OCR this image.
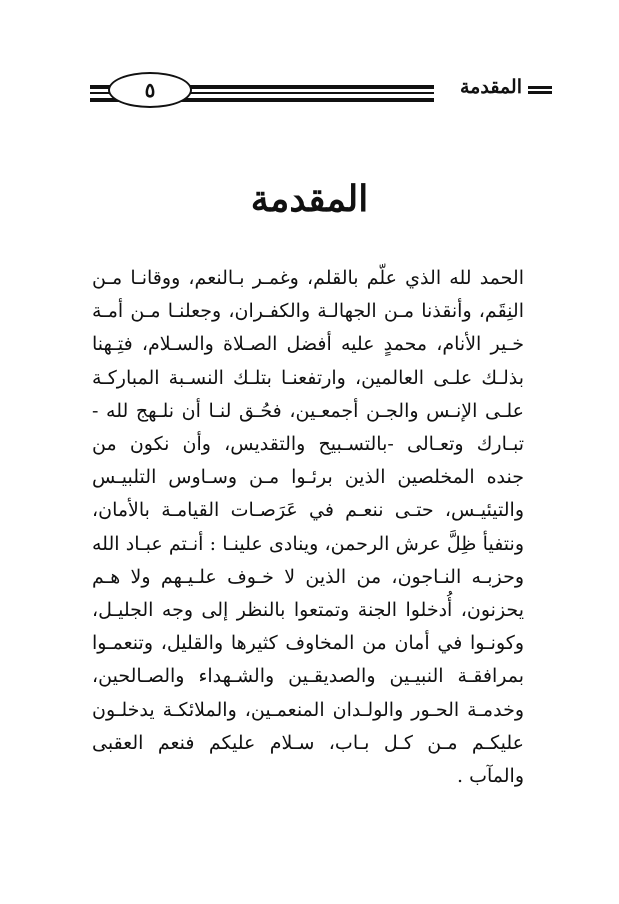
المقدمة
٥
المقدمة
الحمد لله الذي علّم بالقلم، وغمـر بـالنعم، ووقانـا مـن النِقَم، وأنقذنا مـن الجهالـة والكفـران، وجعلنـا مـن أمـة خـير الأنام، محمدٍ عليه أفضل الصـلاة والسـلام، فتِـهنا بذلـك علـى العالمين، وارتفعنـا بتلـك النسـبة المباركـة علـى الإنـس والجـن أجمعـين، فحُـق لنـا أن نلـهج لله - تبـارك وتعـالى -بالتسـبيح والتقديس، وأن نكون من جنده المخلصين الذين برئـوا مـن وسـاوس التلبيـس والتيئيـس، حتـى ننعـم في عَرَصـات القيامـة بالأمان، ونتفيأ ظِلَّ عرش الرحمن، وينادى علينـا : أنـتم عبـاد الله وحزبـه النـاجون، من الذين لا خـوف علـيـهم ولا هـم يحزنون، أُدخلوا الجنة وتمتعوا بالنظر إلى وجه الجليـل، وكونـوا في أمان من المخاوف كثيرها والقليل، وتنعمـوا بمرافقـة النبيـين والصديقـين والشـهداء والصـالحين، وخدمـة الحـور والولـدان المنعمـين، والملائكـة يدخلـون عليكـم مـن كـل بـاب، سـلام عليكم فنعم العقبى والمآب .
